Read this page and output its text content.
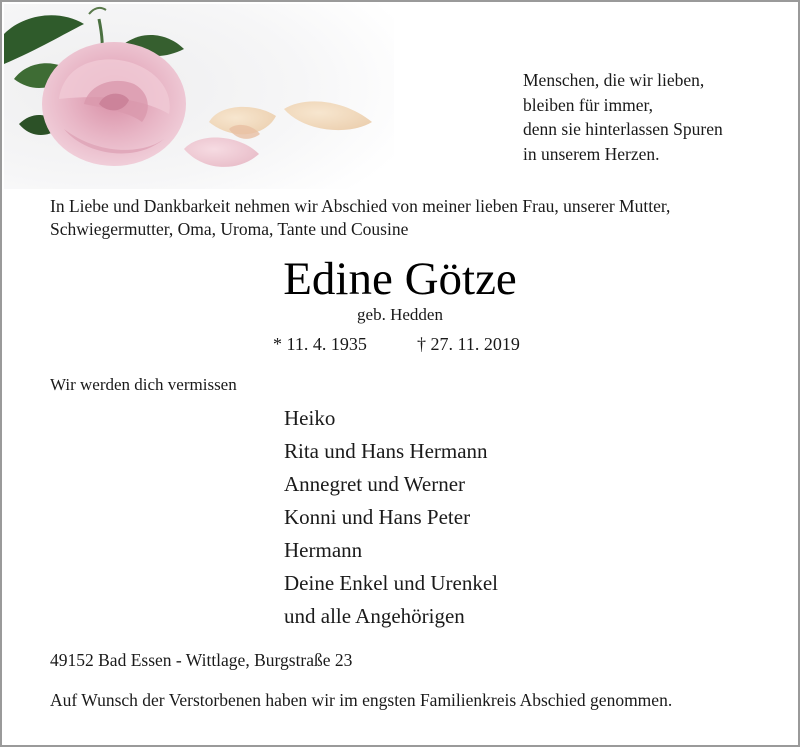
Menschen, die wir lieben,
bleiben für immer,
denn sie hinterlassen Spuren
in unserem Herzen.
In Liebe und Dankbarkeit nehmen wir Abschied von meiner lieben Frau, unserer Mutter, Schwiegermutter, Oma, Uroma, Tante und Cousine
Edine Götze
geb. Hedden
* 11. 4. 1935	† 27. 11. 2019
Wir werden dich vermissen
Heiko
Rita und Hans Hermann
Annegret und Werner
Konni und Hans Peter
Hermann
Deine Enkel und Urenkel
und alle Angehörigen
49152 Bad Essen - Wittlage, Burgstraße 23
Auf Wunsch der Verstorbenen haben wir im engsten Familienkreis Abschied genommen.
